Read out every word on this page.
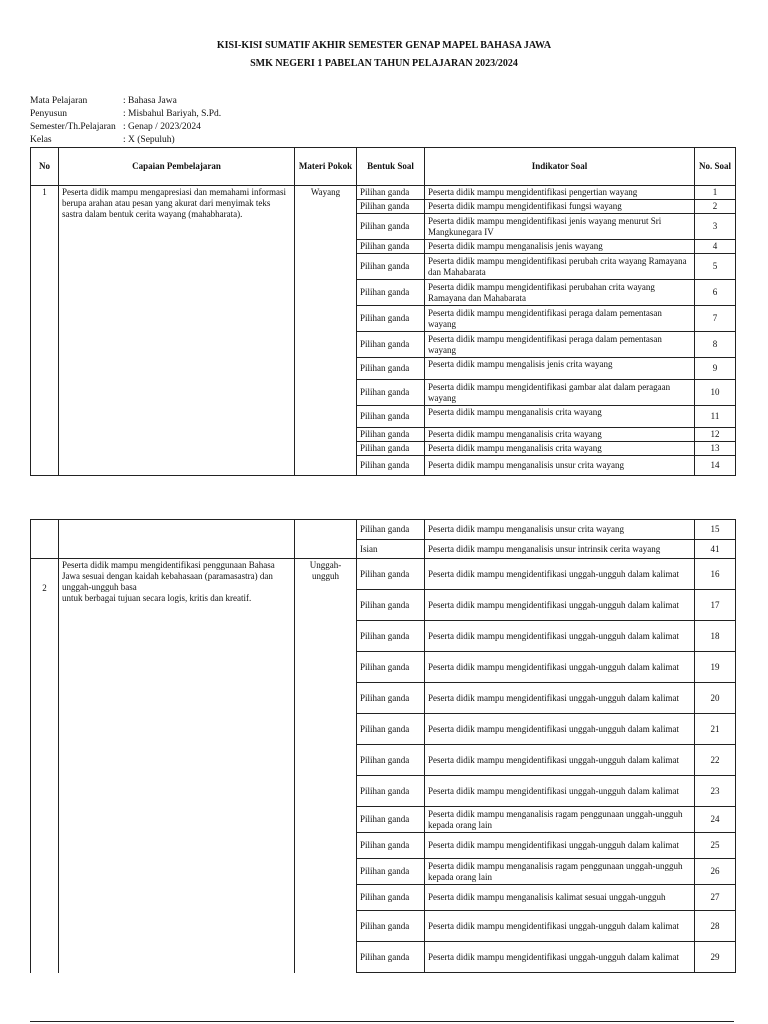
KISI-KISI SUMATIF AKHIR SEMESTER GENAP MAPEL BAHASA JAWA
SMK NEGERI 1 PABELAN TAHUN PELAJARAN 2023/2024
Mata Pelajaran	: Bahasa Jawa
Penyusun	: Misbahul Bariyah, S.Pd.
Semester/Th.Pelajaran : Genap / 2023/2024
Kelas	: X (Sepuluh)
No	Capaian Pembelajaran	Materi Pokok	Bentuk Soal	Indikator Soal	No. Soal
1	Peserta didik mampu mengapresiasi dan memahami informasi berupa arahan atau pesan yang akurat dari menyimak teks sastra dalam bentuk cerita wayang (mahabharata).	Wayang	Pilihan ganda	Peserta didik mampu mengidentifikasi pengertian wayang	1
			Pilihan ganda	Peserta didik mampu mengidentifikasi fungsi wayang	2
			Pilihan ganda	Peserta didik mampu mengidentifikasi jenis wayang menurut Sri Mangkunegara IV	3
			Pilihan ganda	Peserta didik mampu menganalisis jenis wayang	4
			Pilihan ganda	Peserta didik mampu mengidentifikasi perubah crita wayang Ramayana dan Mahabarata	5
			Pilihan ganda	Peserta didik mampu mengidentifikasi perubahan crita wayang Ramayana dan Mahabarata	6
			Pilihan ganda	Peserta didik mampu mengidentifikasi peraga dalam pementasan wayang	7
			Pilihan ganda	Peserta didik mampu mengidentifikasi peraga dalam pementasan wayang	8
			Pilihan ganda	Peserta didik mampu mengalisis jenis crita wayang	9
			Pilihan ganda	Peserta didik mampu mengidentifikasi gambar alat dalam peragaan wayang	10
			Pilihan ganda	Peserta didik mampu menganalisis crita wayang	11
			Pilihan ganda	Peserta didik mampu menganalisis crita wayang	12
			Pilihan ganda	Peserta didik mampu menganalisis crita wayang	13
			Pilihan ganda	Peserta didik mampu menganalisis unsur crita wayang	14
			Pilihan ganda	Peserta didik mampu menganalisis unsur crita wayang	15
			Isian	Peserta didik mampu menganalisis unsur intrinsik cerita wayang	41
2	Peserta didik mampu mengidentifikasi penggunaan Bahasa Jawa sesuai dengan kaidah kebahasaan (paramasastra) dan unggah-ungguh basa
untuk berbagai tujuan secara logis, kritis dan kreatif.	Unggah-ungguh	Pilihan ganda	Peserta didik mampu mengidentifikasi unggah-ungguh dalam kalimat	16
			Pilihan ganda	Peserta didik mampu mengidentifikasi unggah-ungguh dalam kalimat	17
			Pilihan ganda	Peserta didik mampu mengidentifikasi unggah-ungguh dalam kalimat	18
			Pilihan ganda	Peserta didik mampu mengidentifikasi unggah-ungguh dalam kalimat	19
			Pilihan ganda	Peserta didik mampu mengidentifikasi unggah-ungguh dalam kalimat	20
			Pilihan ganda	Peserta didik mampu mengidentifikasi unggah-ungguh dalam kalimat	21
			Pilihan ganda	Peserta didik mampu mengidentifikasi unggah-ungguh dalam kalimat	22
			Pilihan ganda	Peserta didik mampu mengidentifikasi unggah-ungguh dalam kalimat	23
			Pilihan ganda	Peserta didik mampu menganalisis ragam penggunaan unggah-ungguh kepada orang lain	24
			Pilihan ganda	Peserta didik mampu mengidentifikasi unggah-ungguh dalam kalimat	25
			Pilihan ganda	Peserta didik mampu menganalisis ragam penggunaan unggah-ungguh kepada orang lain	26
			Pilihan ganda	Peserta didik mampu menganalisis kalimat sesuai unggah-ungguh	27
			Pilihan ganda	Peserta didik mampu mengidentifikasi unggah-ungguh dalam kalimat	28
			Pilihan ganda	Peserta didik mampu mengidentifikasi unggah-ungguh dalam kalimat	29
